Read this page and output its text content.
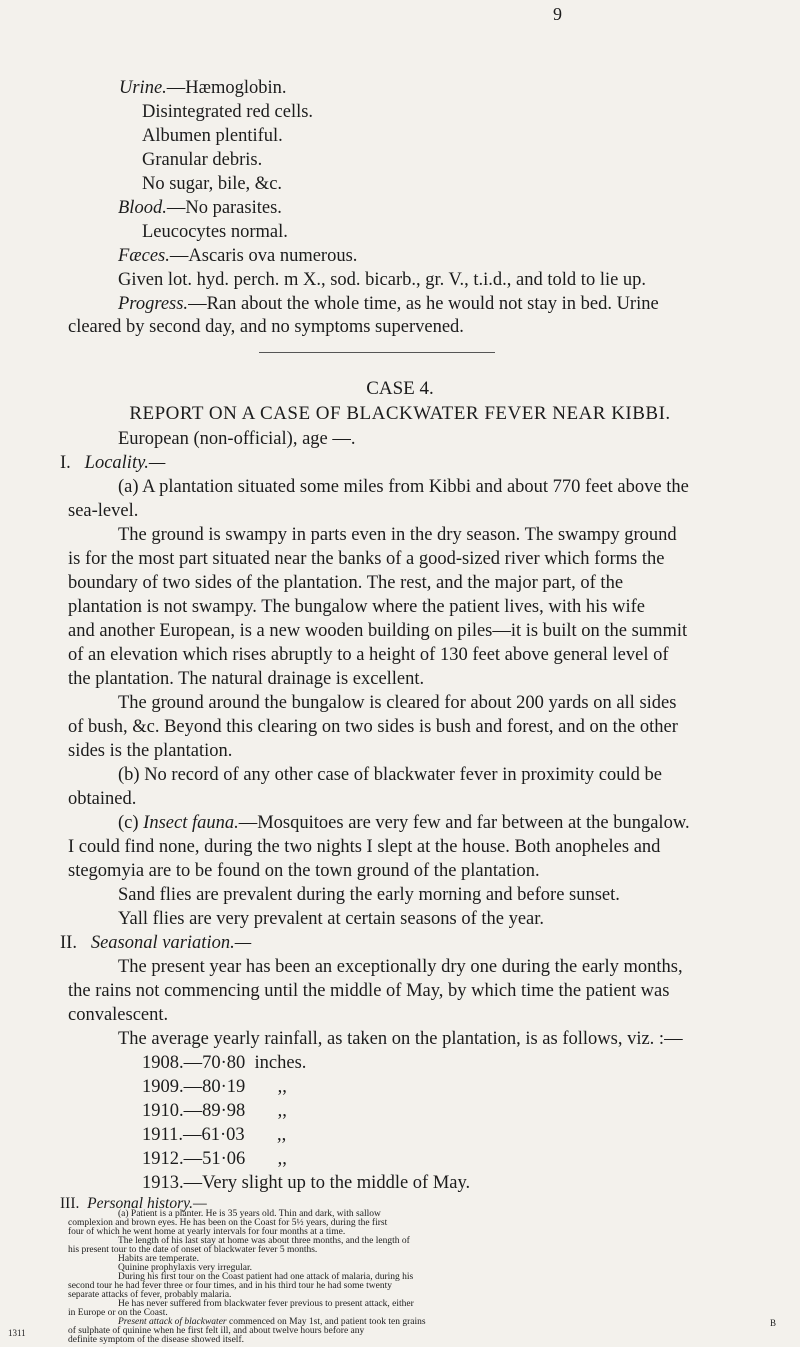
9
Urine.—Hæmoglobin.
Disintegrated red cells.
Albumen plentiful.
Granular debris.
No sugar, bile, &c.
Blood.—No parasites.
Leucocytes normal.
Fæces.—Ascaris ova numerous.
Given lot. hyd. perch. m X., sod. bicarb., gr. V., t.i.d., and told to lie up.
Progress.—Ran about the whole time, as he would not stay in bed. Urine
cleared by second day, and no symptoms supervened.
CASE 4.
REPORT ON A CASE OF BLACKWATER FEVER NEAR KIBBI.
European (non-official), age —.
I. Locality.—
(a) A plantation situated some miles from Kibbi and about 770 feet above the
sea-level.
The ground is swampy in parts even in the dry season. The swampy ground
is for the most part situated near the banks of a good-sized river which forms the
boundary of two sides of the plantation. The rest, and the major part, of the
plantation is not swampy. The bungalow where the patient lives, with his wife
and another European, is a new wooden building on piles—it is built on the summit
of an elevation which rises abruptly to a height of 130 feet above general level of
the plantation. The natural drainage is excellent.
The ground around the bungalow is cleared for about 200 yards on all sides
of bush, &c. Beyond this clearing on two sides is bush and forest, and on the other
sides is the plantation.
(b) No record of any other case of blackwater fever in proximity could be
obtained.
(c) Insect fauna.—Mosquitoes are very few and far between at the bungalow.
I could find none, during the two nights I slept at the house. Both anopheles and
stegomyia are to be found on the town ground of the plantation.
Sand flies are prevalent during the early morning and before sunset.
Yall flies are very prevalent at certain seasons of the year.
II. Seasonal variation.—
The present year has been an exceptionally dry one during the early months,
the rains not commencing until the middle of May, by which time the patient was
convalescent.
The average yearly rainfall, as taken on the plantation, is as follows, viz. :—
1908.—70·80 inches.
1909.—80·19 ,,
1910.—89·98 ,,
1911.—61·03 ,,
1912.—51·06 ,,
1913.—Very slight up to the middle of May.
III. Personal history.—
(a) Patient is a planter. He is 35 years old. Thin and dark, with sallow
complexion and brown eyes. He has been on the Coast for 5½ years, during the first
four of which he went home at yearly intervals for four months at a time.
The length of his last stay at home was about three months, and the length of
his present tour to the date of onset of blackwater fever 5 months.
Habits are temperate.
Quinine prophylaxis very irregular.
During his first tour on the Coast patient had one attack of malaria, during his
second tour he had fever three or four times, and in his third tour he had some twenty
separate attacks of fever, probably malaria.
He has never suffered from blackwater fever previous to present attack, either
in Europe or on the Coast.
Present attack of blackwater commenced on May 1st, and patient took ten grains
of sulphate of quinine when he first felt ill, and about twelve hours before any
definite symptom of the disease showed itself.
1311
B
